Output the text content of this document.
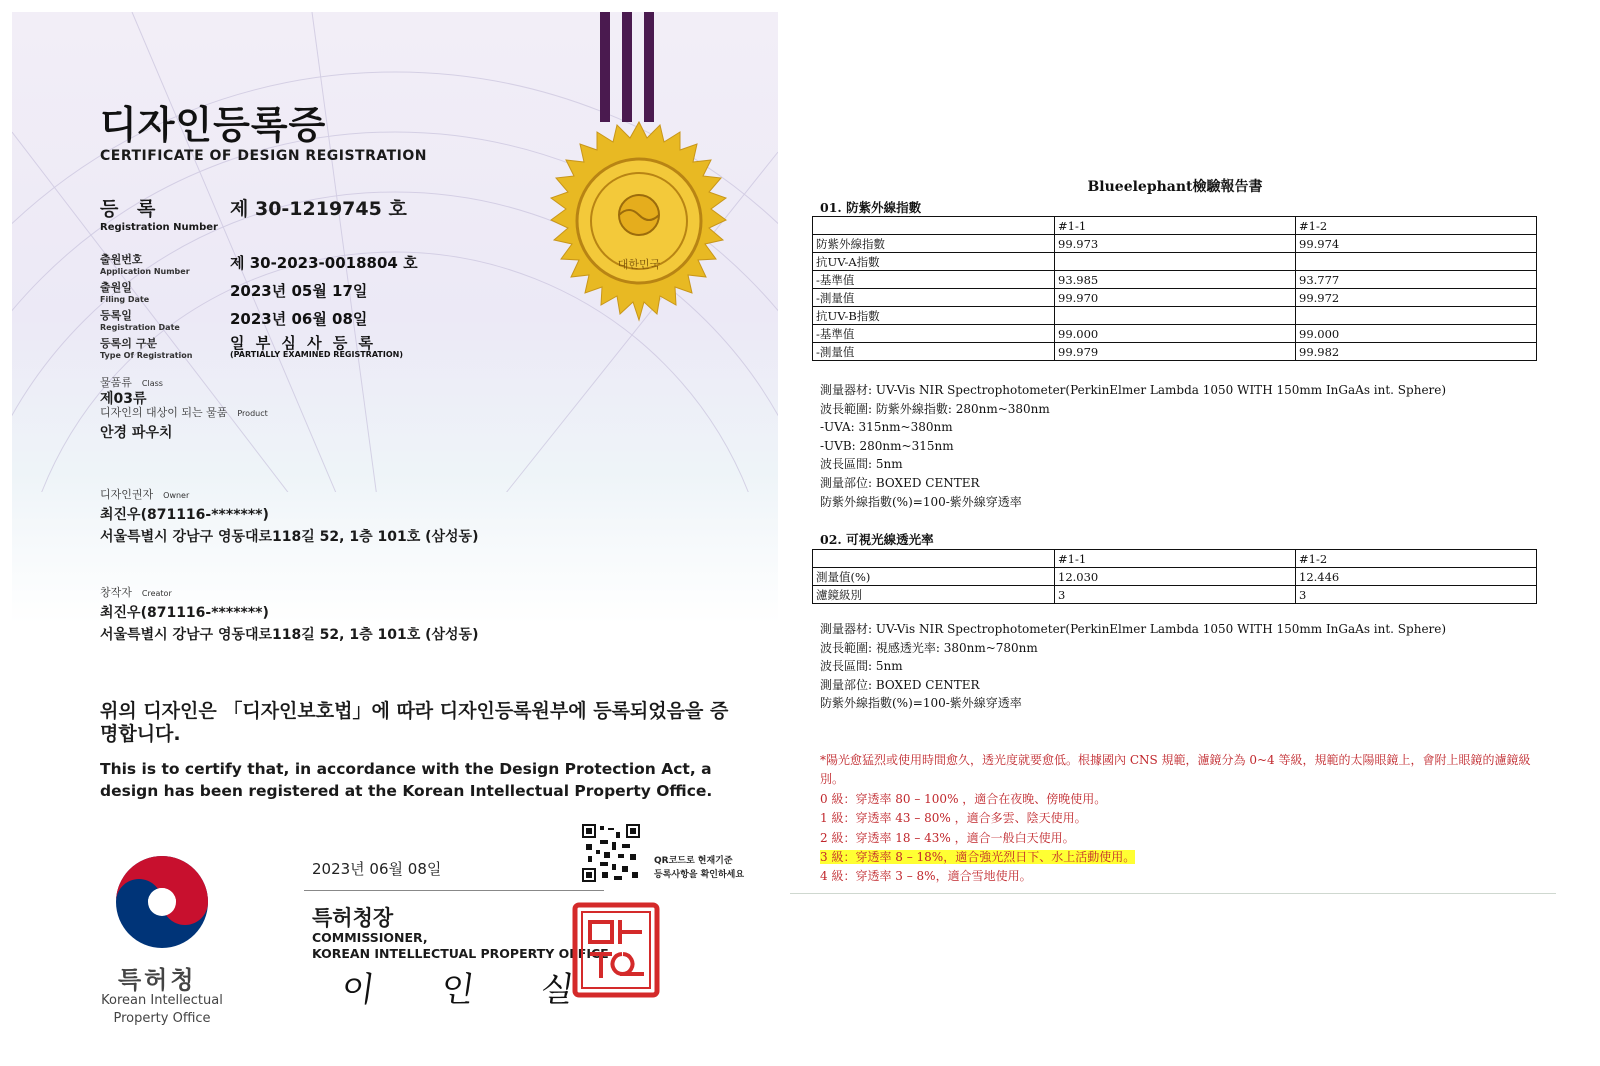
대한민국
디자인등록증
CERTIFICATE OF DESIGN REGISTRATION
등 록
Registration Number
제 30-1219745 호
출원번호
Application Number	제 30-2023-0018804 호
출원일
Filing Date	2023년 05월 17일
등록일
Registration Date	2023년 06월 08일
등록의 구분
Type Of Registration
일 부 심 사 등 록
(PARTIALLY EXAMINED REGISTRATION)
물품류 Class
제03류
디자인의 대상이 되는 물품 Product
안경 파우치
디자인권자 Owner
최진우(871116-*******)
서울특별시 강남구 영동대로118길 52, 1층 101호 (삼성동)
창작자 Creator
최진우(871116-*******)
서울특별시 강남구 영동대로118길 52, 1층 101호 (삼성동)
위의 디자인은 「디자인보호법」에 따라 디자인등록원부에 등록되었음을 증명합니다.
This is to certify that, in accordance with the Design Protection Act, a design has been registered at the Korean Intellectual Property Office.
특허청
Korean Intellectual
Property Office
2023년 06월 08일
특허청장
COMMISSIONER,
KOREAN INTELLECTUAL PROPERTY OFFICE
이 인 실
QR코드로 현재기준
등록사항을 확인하세요
특허청장인
Blueelephant檢驗報告書
01. 防紫外線指數
	#1-1	#1-2
防紫外線指數	99.973	99.974
抗UV-A指數		
-基準值	93.985	93.777
-測量值	99.970	99.972
抗UV-B指數		
-基準值	99.000	99.000
-測量值	99.979	99.982
測量器材: UV-Vis NIR Spectrophotometer(PerkinElmer Lambda 1050 WITH 150mm InGaAs int. Sphere)
波長範圍: 防紫外線指數: 280nm~380nm
-UVA: 315nm~380nm
-UVB: 280nm~315nm
波長區間: 5nm
測量部位: BOXED CENTER
防紫外線指數(%)=100-紫外線穿透率
02. 可視光線透光率
	#1-1	#1-2
測量值(%)	12.030	12.446
濾鏡級別	3	3
測量器材: UV-Vis NIR Spectrophotometer(PerkinElmer Lambda 1050 WITH 150mm InGaAs int. Sphere)
波長範圍: 視感透光率: 380nm~780nm
波長區間: 5nm
測量部位: BOXED CENTER
防紫外線指數(%)=100-紫外線穿透率
*陽光愈猛烈或使用時間愈久，透光度就要愈低。根據國內 CNS 規範，濾鏡分為 0~4 等級，規範的太陽眼鏡上，會附上眼鏡的濾鏡級別。
0 級：穿透率 80 – 100% ，適合在夜晚、傍晚使用。
1 級：穿透率 43 – 80% ，適合多雲、陰天使用。
2 級：穿透率 18 – 43% ，適合一般白天使用。
3 級：穿透率 8 – 18%，適合強光烈日下、水上活動使用。
4 級：穿透率 3 – 8%，適合雪地使用。
